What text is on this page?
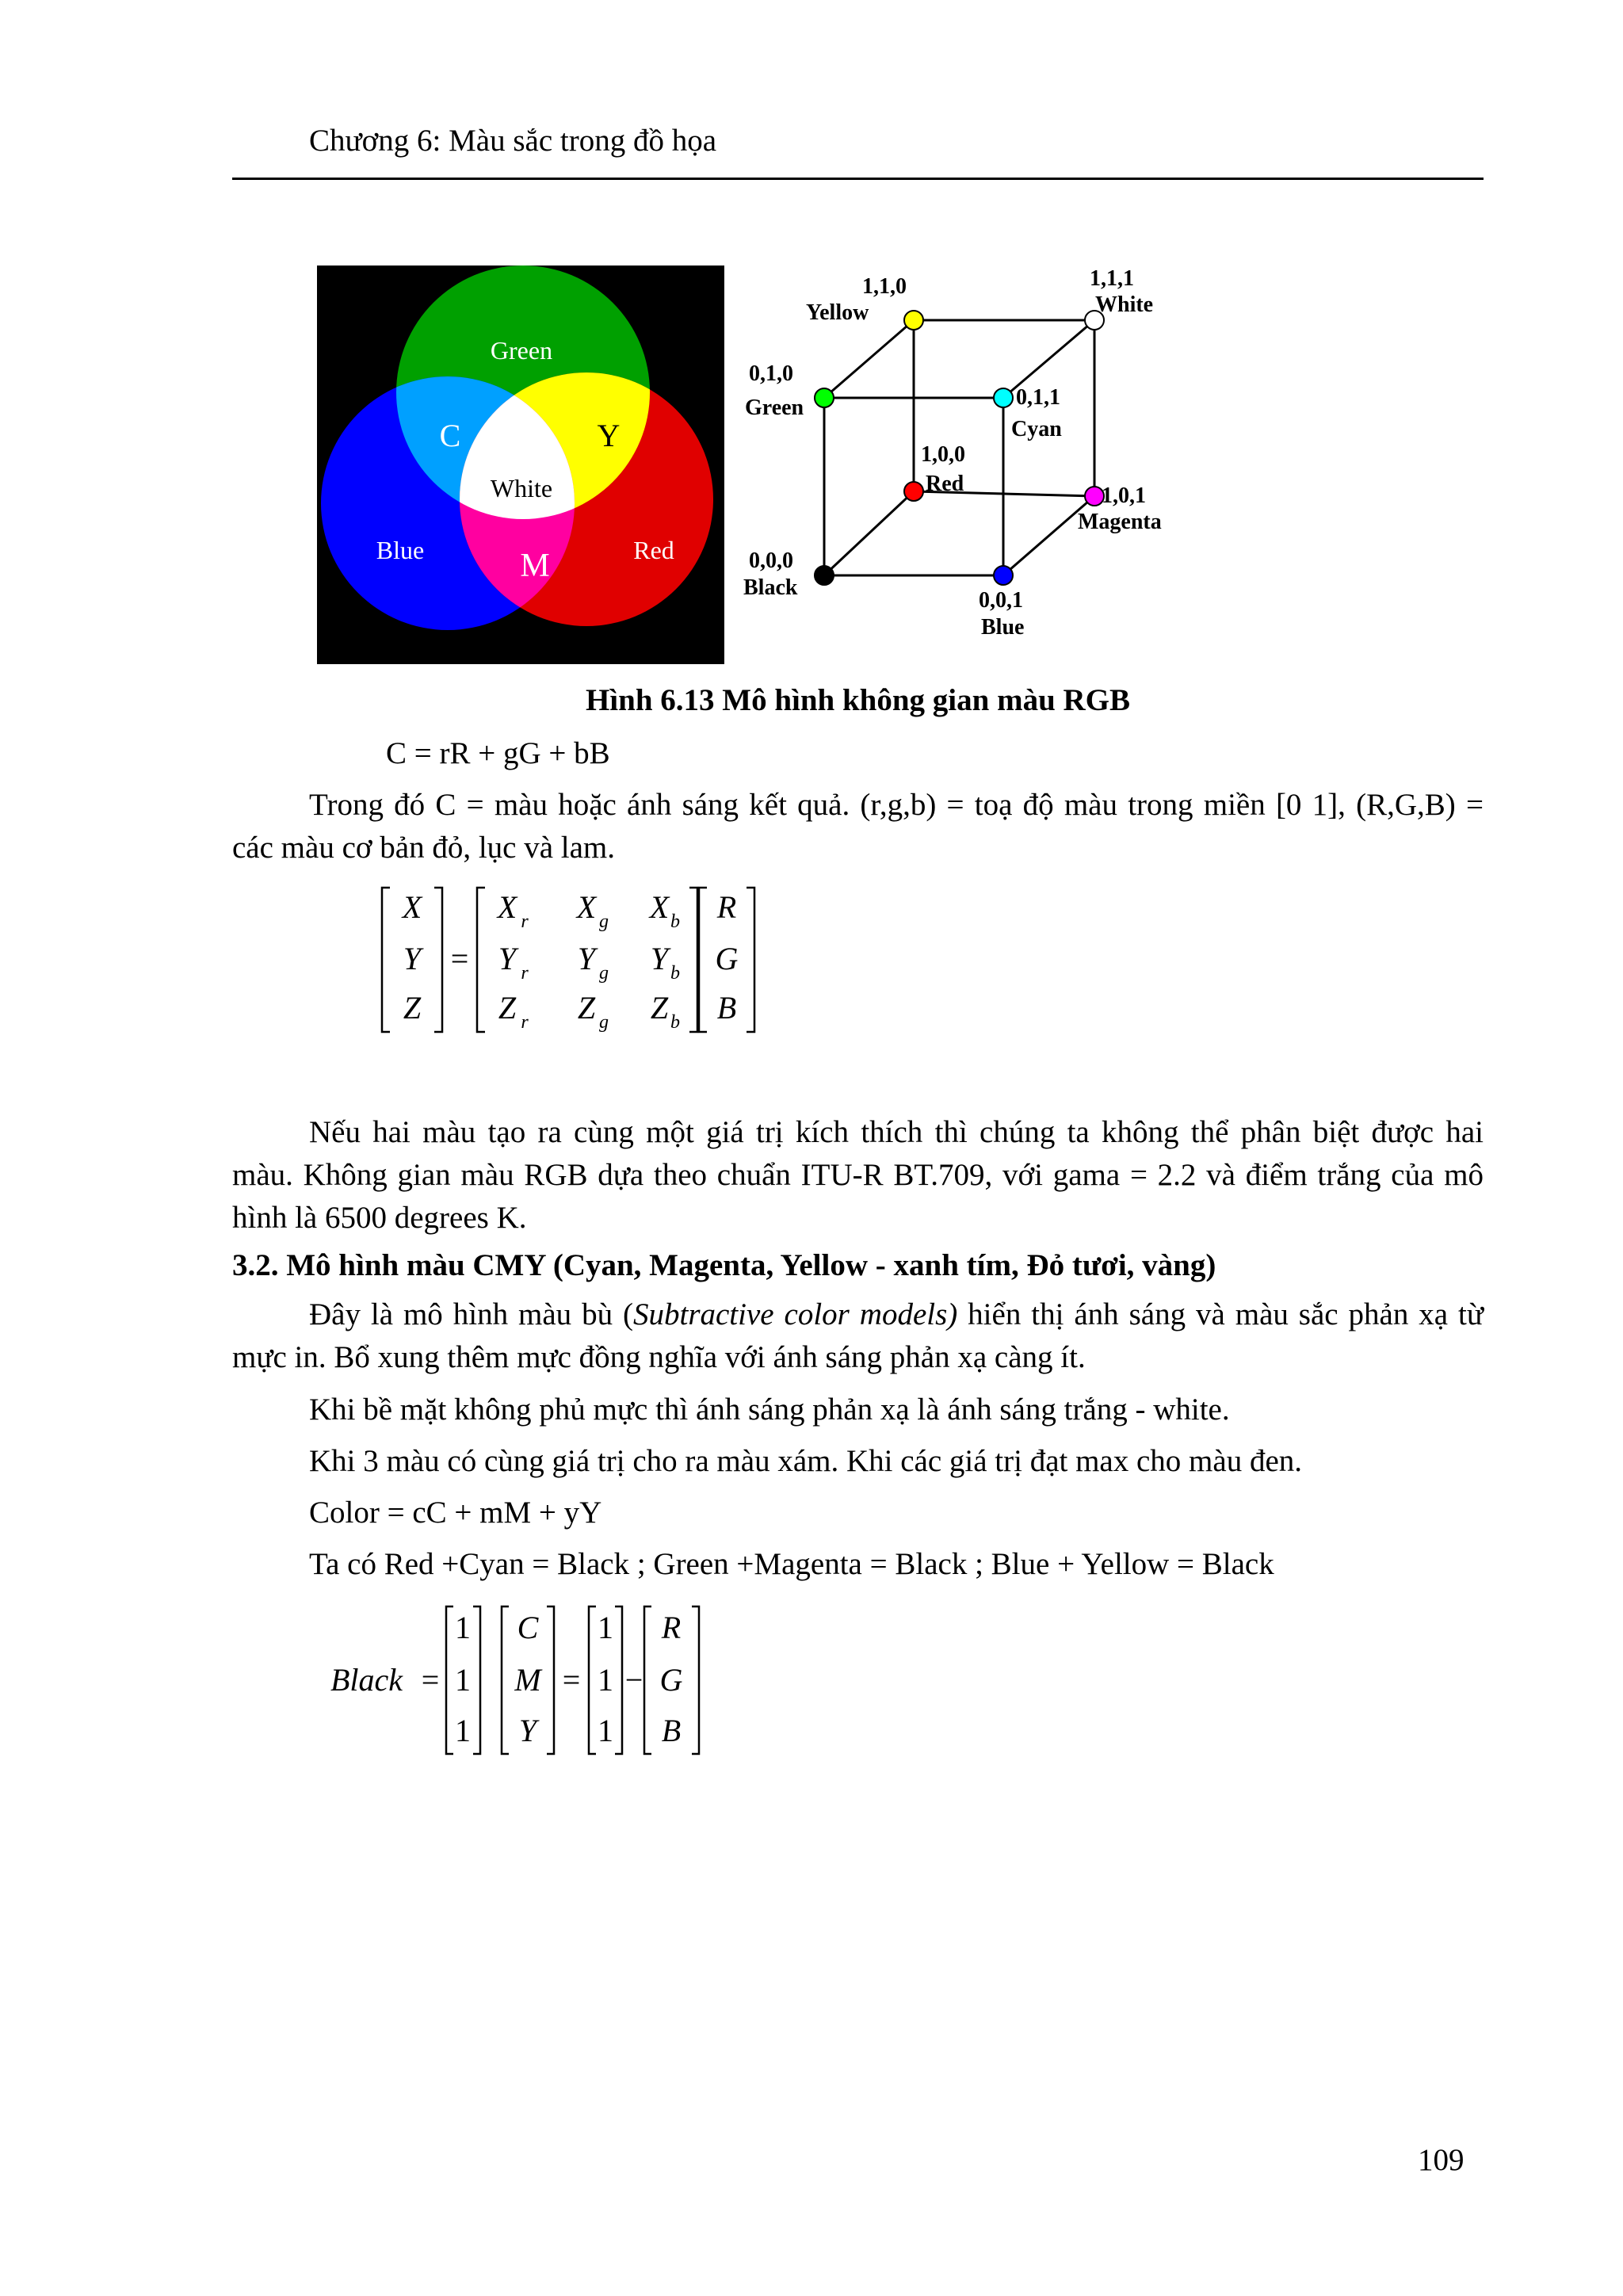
Chương 6: Màu sắc trong đồ họa
Green
C	Y
White
Blue	Red
M
1,1,0
Yellow
1,1,1
White
0,1,0
Green	0,1,1
Cyan
1,0,0
Red	1,0,1
Magenta
0,0,0
Black
0,0,1
Blue
Hình 6.13 Mô hình không gian màu RGB
C = rR + gG + bB
Trong đó C = màu hoặc ánh sáng kết quả. (r,g,b) = toạ độ màu trong miền [0 1], (R,G,B) =
các màu cơ bản đỏ, lục và lam.
X
Y
Z
X X X
Y Y Y
Z Z Z
R
G
B
r	g	b
r	g	b
r	g	b
=
Nếu hai màu tạo ra cùng một giá trị kích thích thì chúng ta không thể phân biệt được hai
màu. Không gian màu RGB dựa theo chuẩn ITU-R BT.709, với gama = 2.2 và điểm trắng của mô
hình là 6500 degrees K.
3.2. Mô hình màu CMY (Cyan, Magenta, Yellow - xanh tím, Đỏ tươi, vàng)
Đây là mô hình màu bù (Subtractive color models) hiển thị ánh sáng và màu sắc phản xạ từ
mực in. Bổ xung thêm mực đồng nghĩa với ánh sáng phản xạ càng ít.
Khi bề mặt không phủ mực thì ánh sáng phản xạ là ánh sáng trắng - white.
Khi 3 màu có cùng giá trị cho ra màu xám. Khi các giá trị đạt max cho màu đen.
Color = cC + mM + yY
Ta có Red +Cyan = Black ; Green +Magenta = Black ; Blue + Yellow = Black
Black =	= −
1
1
1
1
1
1
C
M
Y
R
G
B
109
